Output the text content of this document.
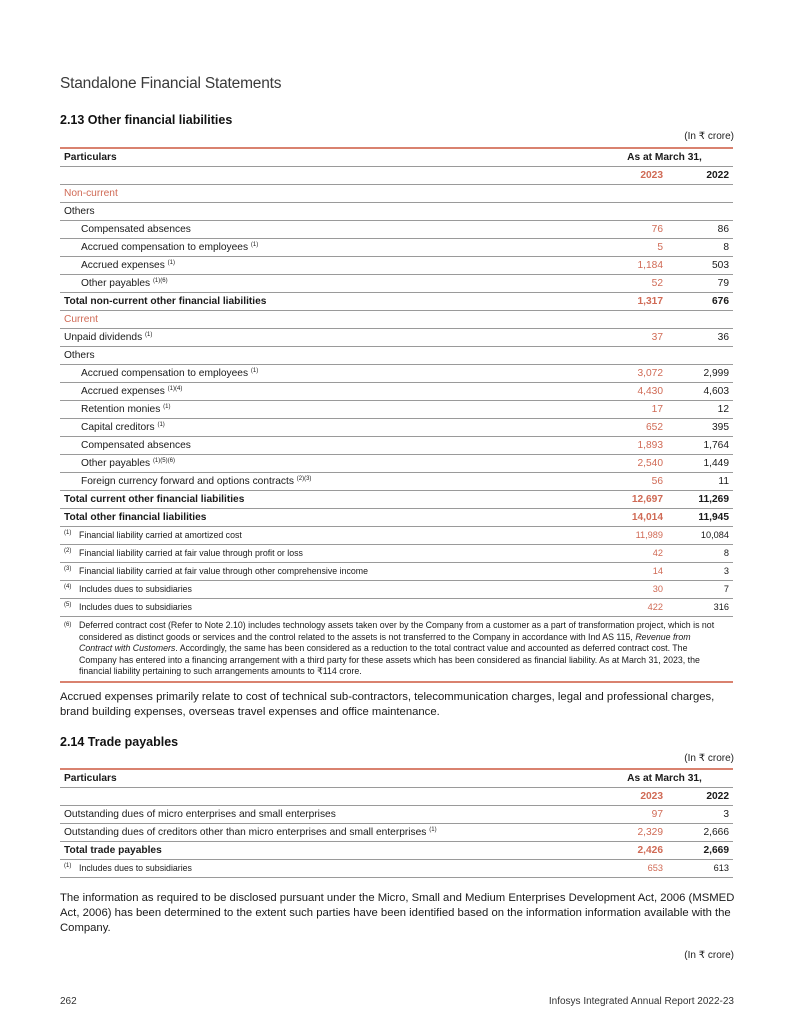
Standalone Financial Statements
2.13 Other financial liabilities
(In ₹ crore)
Particulars	As at March 31,	
	2023	2022
Non-current		
Others		
Compensated absences	76	86
Accrued compensation to employees $^{(1)}$	5	8
Accrued expenses $^{(1)}$	1,184	503
Other payables $^{(1)(6)}$	52	79
Total non-current other financial liabilities	1,317	676
Current		
Unpaid dividends $^{(1)}$	37	36
Others		
Accrued compensation to employees $^{(1)}$	3,072	2,999
Accrued expenses $^{(1)(4)}$	4,430	4,603
Retention monies $^{(1)}$	17	12
Capital creditors $^{(1)}$	652	395
Compensated absences	1,893	1,764
Other payables $^{(1)(5)(6)}$	2,540	1,449
Foreign currency forward and options contracts $^{(2)(3)}$	56	11
Total current other financial liabilities	12,697	11,269
Total other financial liabilities	14,014	11,945
(1) Financial liability carried at amortized cost	11,989	10,084
(2) Financial liability carried at fair value through profit or loss	42	8
(3) Financial liability carried at fair value through other comprehensive income	14	3
(4) Includes dues to subsidiaries	30	7
(5) Includes dues to subsidiaries	422	316
(6) Deferred contract cost (Refer to Note 2.10) includes technology assets taken over by the Company from a customer as a part of transformation project, which is not considered as distinct goods or services and the control related to the assets is not transferred to the Company in accordance with Ind AS 115, Revenue from Contract with Customers. Accordingly, the same has been considered as a reduction to the total contract value and accounted as deferred contract cost. The Company has entered into a financing arrangement with a third party for these assets which has been considered as financial liability. As at March 31, 2023, the financial liability pertaining to such arrangements amounts to ₹114 crore.		
Accrued expenses primarily relate to cost of technical sub-contractors, telecommunication charges, legal and professional charges, brand building expenses, overseas travel expenses and office maintenance.
2.14 Trade payables
(In ₹ crore)
Particulars	As at March 31,	
	2023	2022
Outstanding dues of micro enterprises and small enterprises	97	3
Outstanding dues of creditors other than micro enterprises and small enterprises $^{(1)}$	2,329	2,666
Total trade payables	2,426	2,669
(1) Includes dues to subsidiaries	653	613
The information as required to be disclosed pursuant under the Micro, Small and Medium Enterprises Development Act, 2006 (MSMED Act, 2006) has been determined to the extent such parties have been identified based on the information information available with the Company.
(In ₹ crore)
262	Infosys Integrated Annual Report 2022-23
